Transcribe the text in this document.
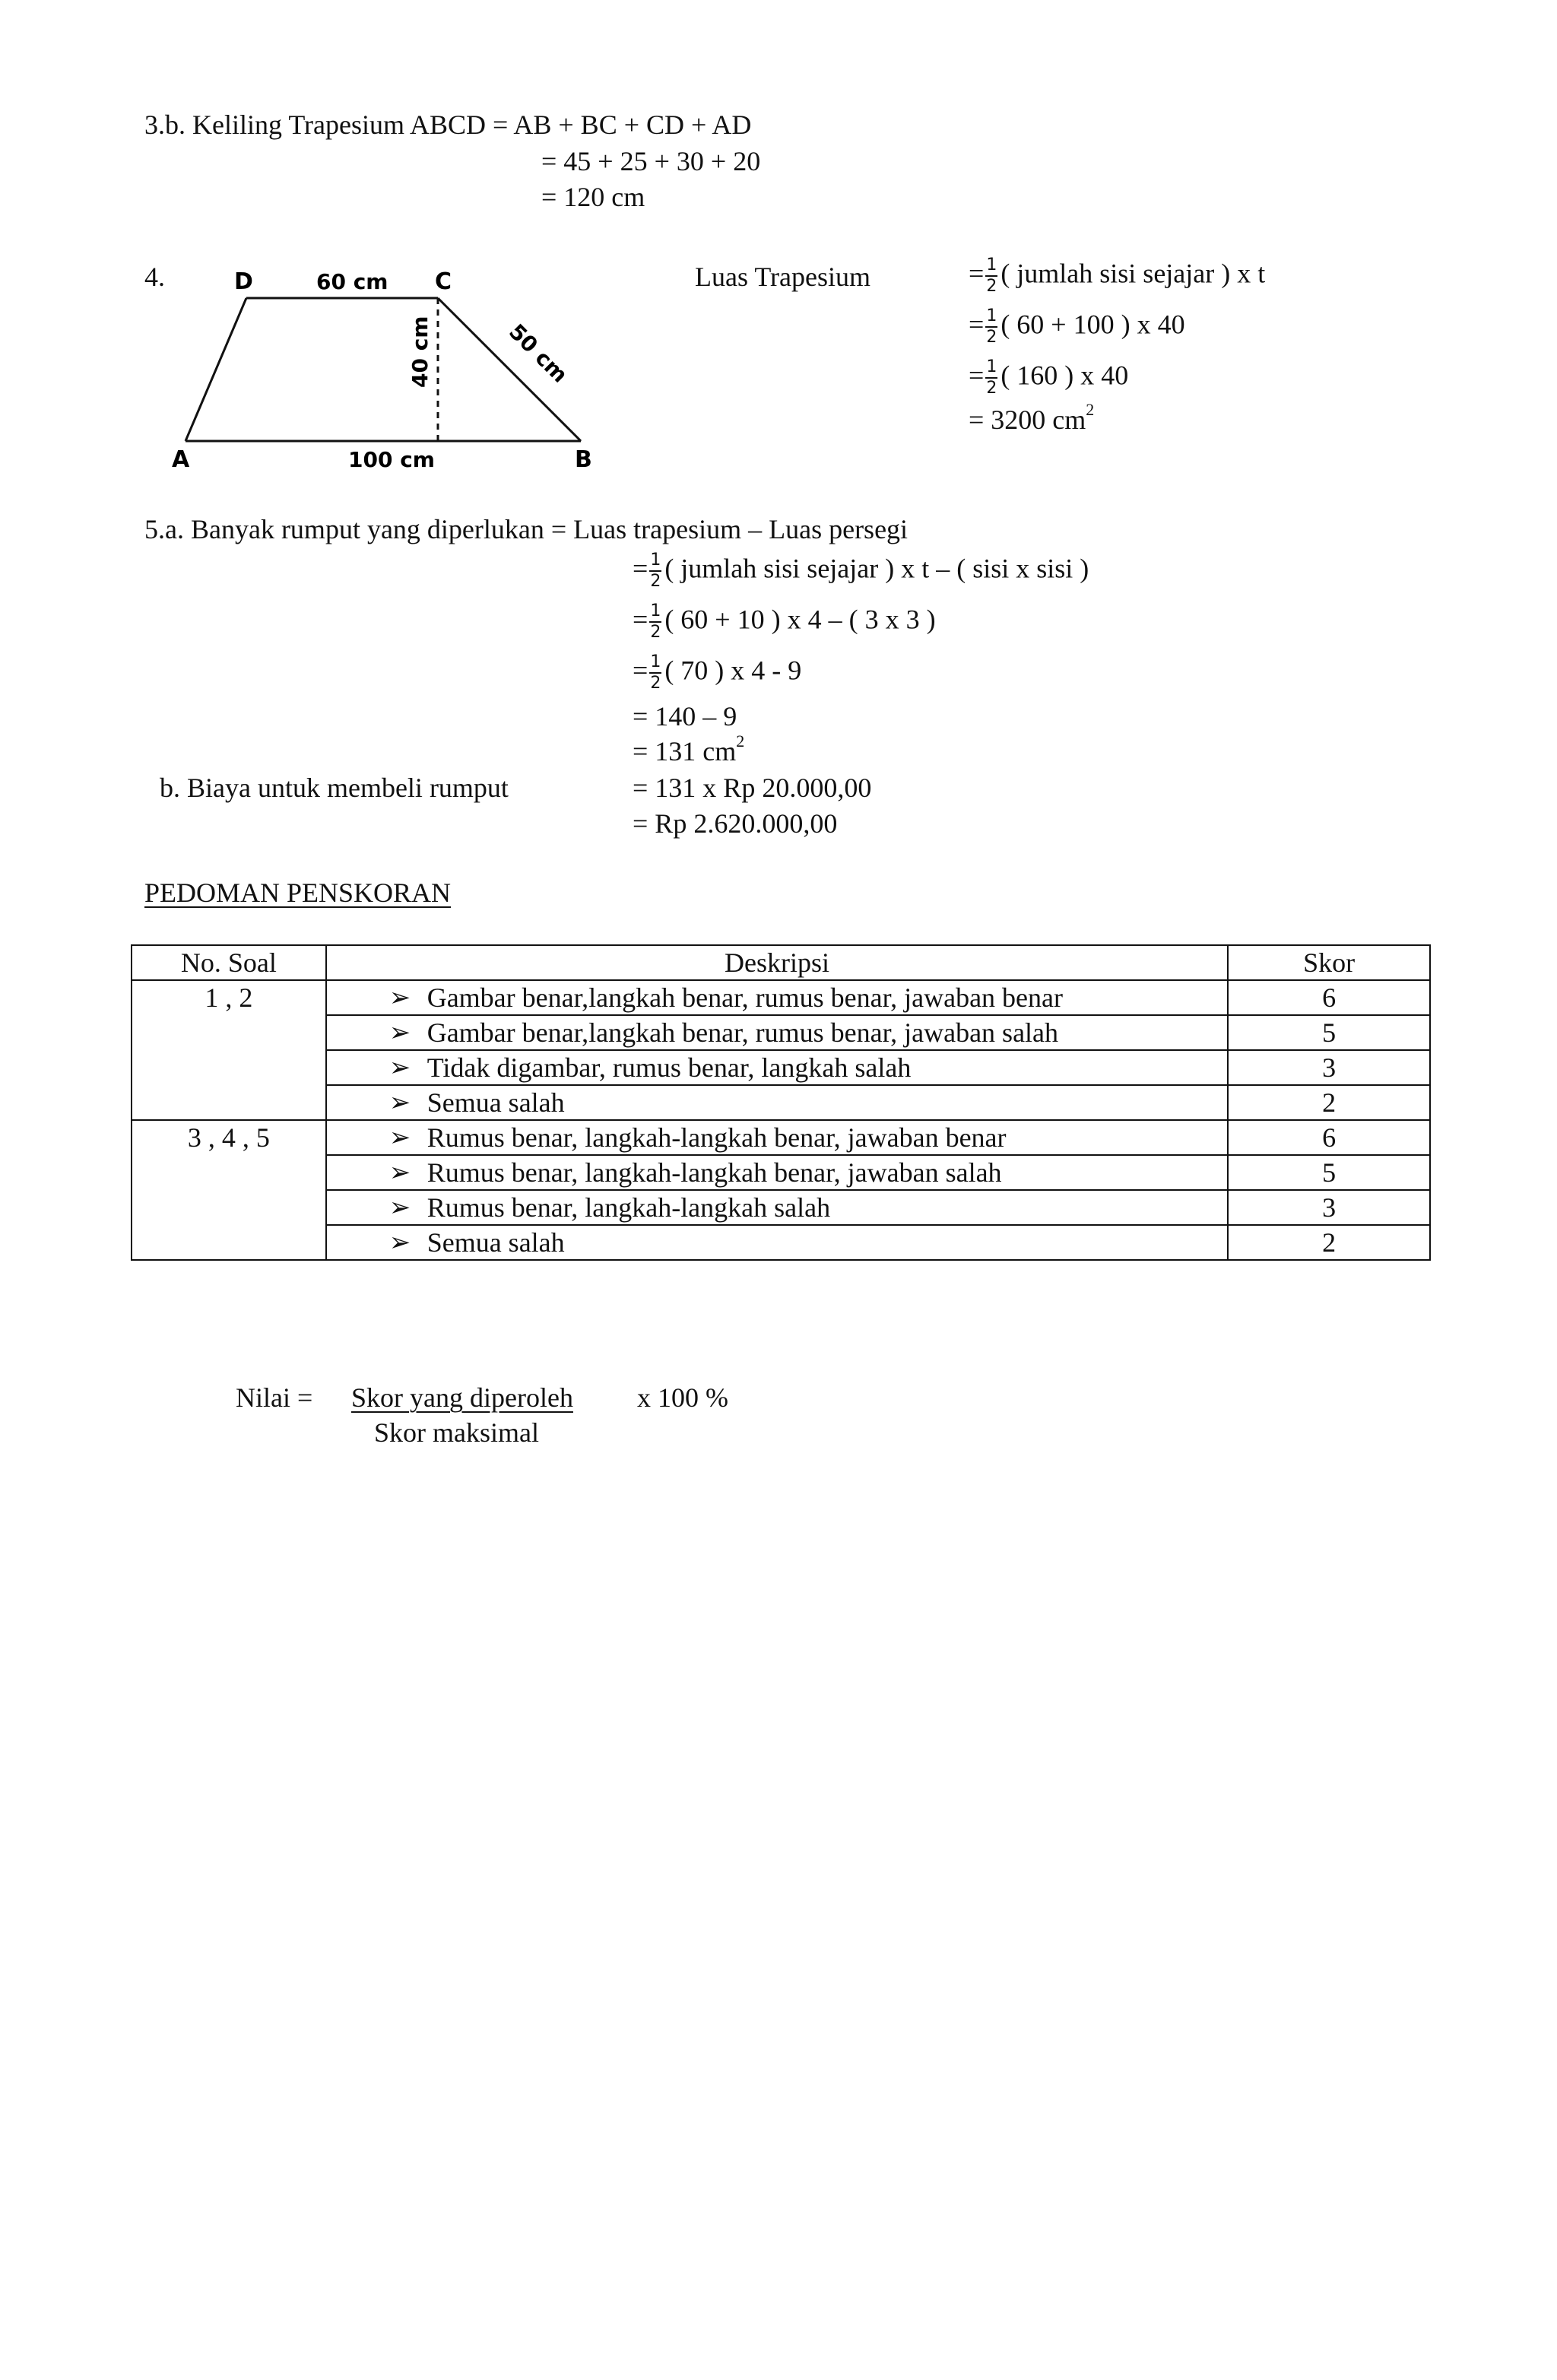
3.b. Keliling Trapesium ABCD = AB + BC + CD + AD
= 45 + 25 + 30 + 20
= 120 cm
4.	D	C
A	B
60 cm
100 cm
40 cm	50 cm
Luas Trapesium	= $\frac{1}{2}$ ( jumlah sisi sejajar ) x t
= $\frac{1}{2}$ ( 60 + 100 ) x 40
= $\frac{1}{2}$ ( 160 ) x 40
= 3200 $cm^2$
5.a. Banyak rumput yang diperlukan = Luas trapesium – Luas persegi
= $\frac{1}{2}$ ( jumlah sisi sejajar ) x t – ( sisi x sisi )
= $\frac{1}{2}$ ( 60 + 10 ) x 4 – ( 3 x 3 )
= $\frac{1}{2}$ ( 70 ) x 4 - 9
= 140 – 9
= 131 $cm^2$
b. Biaya untuk membeli rumput	= 131 x Rp 20.000,00
= Rp 2.620.000,00
PEDOMAN PENSKORAN
No. Soal	Deskripsi	Skor
1 , 2	➢ Gambar benar,langkah benar, rumus benar, jawaban benar	6

	➢ Gambar benar,langkah benar, rumus benar, jawaban salah	5

	➢ Tidak digambar, rumus benar, langkah salah	3

	➢ Semua salah	2
3 , 4 , 5	➢ Rumus benar, langkah-langkah benar, jawaban benar	6

	➢ Rumus benar, langkah-langkah benar, jawaban salah	5

	➢ Rumus benar, langkah-langkah salah	3

	➢ Semua salah	2
Nilai = Skor yang diperoleh x 100 %
Skor maksimal
